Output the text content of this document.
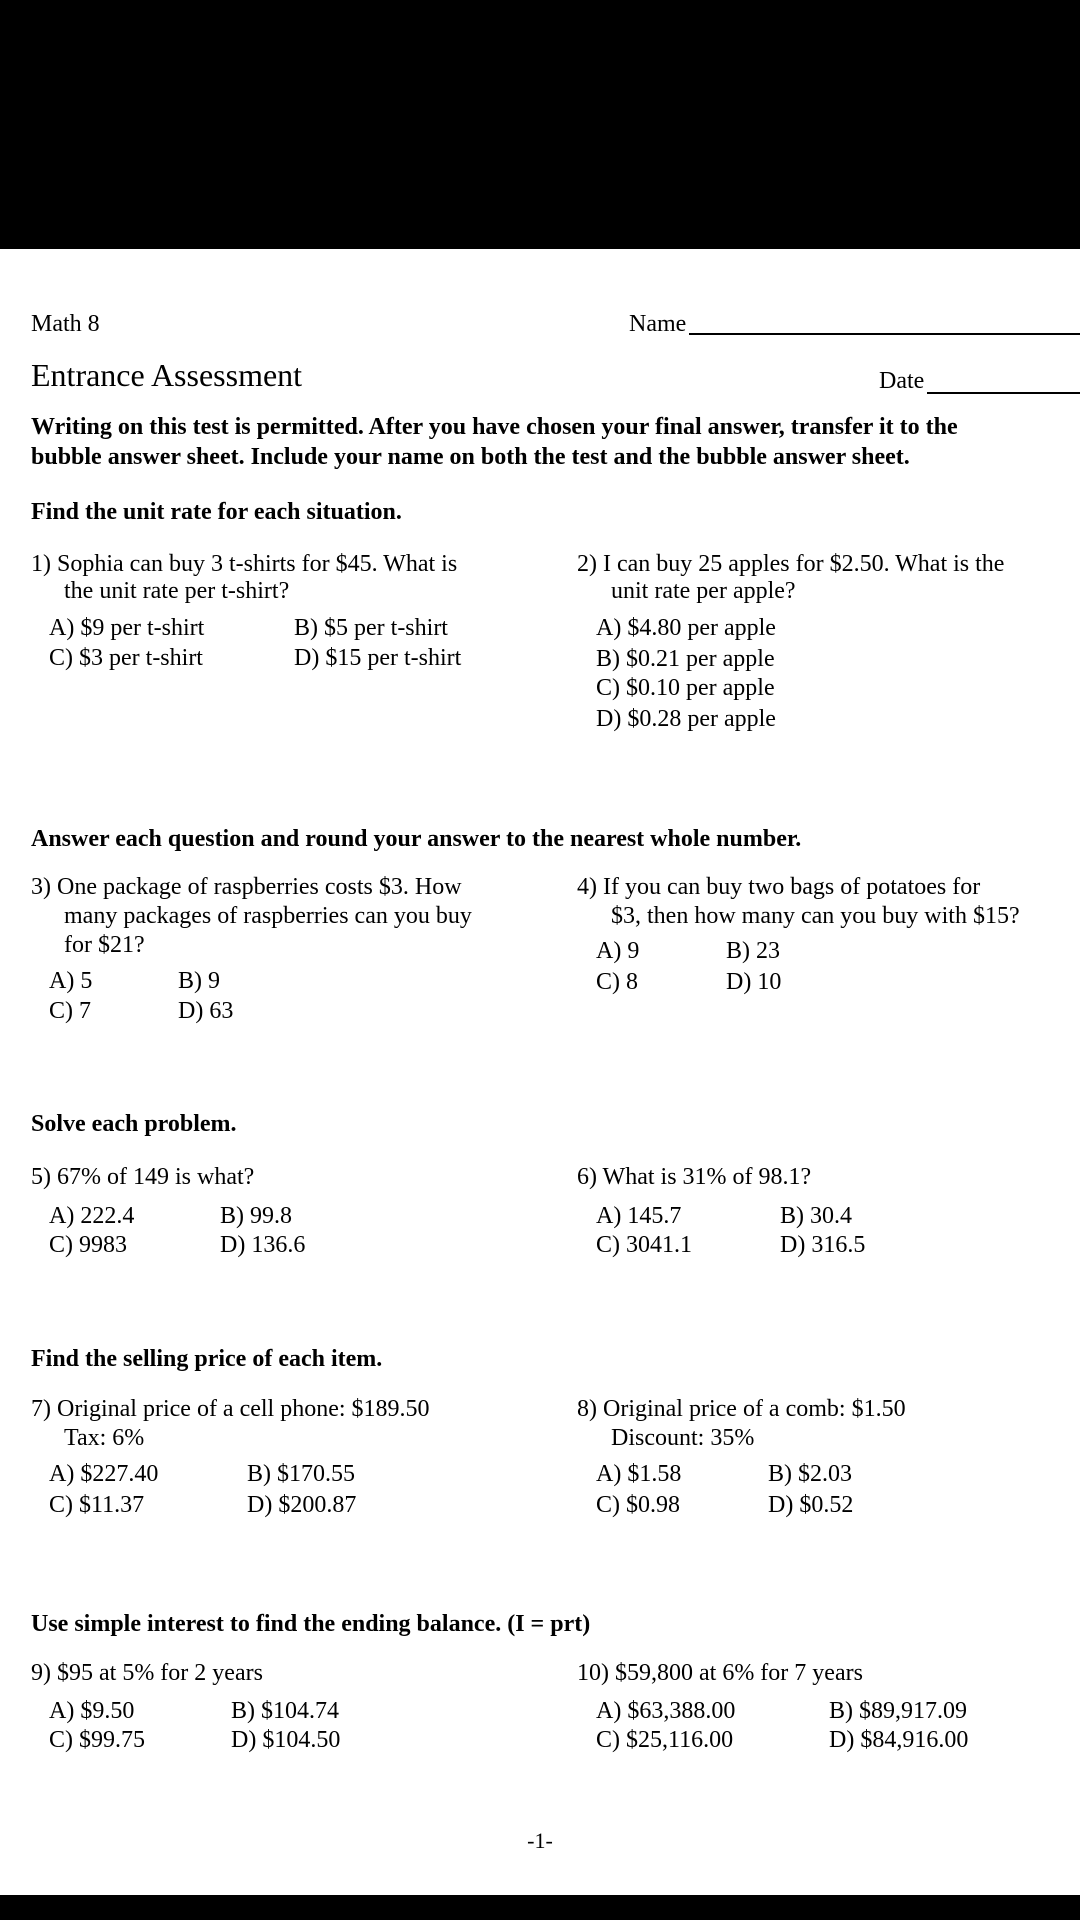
Math 8	Name
Entrance Assessment	Date
Writing on this test is permitted. After you have chosen your final answer, transfer it to the
bubble answer sheet. Include your name on both the test and the bubble answer sheet.
Find the unit rate for each situation.
1) Sophia can buy 3 t-shirts for $45. What is
the unit rate per t-shirt?
A) $9 per t-shirt	B) $5 per t-shirt
C) $3 per t-shirt	D) $15 per t-shirt
2) I can buy 25 apples for $2.50. What is the
unit rate per apple?
A) $4.80 per apple
B) $0.21 per apple
C) $0.10 per apple
D) $0.28 per apple
Answer each question and round your answer to the nearest whole number.
3) One package of raspberries costs $3. How
many packages of raspberries can you buy
for $21?
A) 5	B) 9
C) 7	D) 63
4) If you can buy two bags of potatoes for
$3, then how many can you buy with $15?
A) 9	B) 23
C) 8	D) 10
Solve each problem.
5) 67% of 149 is what?
A) 222.4	B) 99.8
C) 9983	D) 136.6
6) What is 31% of 98.1?
A) 145.7	B) 30.4
C) 3041.1	D) 316.5
Find the selling price of each item.
7) Original price of a cell phone: $189.50
Tax: 6%
A) $227.40	B) $170.55
C) $11.37	D) $200.87
8) Original price of a comb: $1.50
Discount: 35%
A) $1.58	B) $2.03
C) $0.98	D) $0.52
Use simple interest to find the ending balance. (I = prt)
9) $95 at 5% for 2 years
A) $9.50	B) $104.74
C) $99.75	D) $104.50
10) $59,800 at 6% for 7 years
A) $63,388.00	B) $89,917.09
C) $25,116.00	D) $84,916.00
-1-
